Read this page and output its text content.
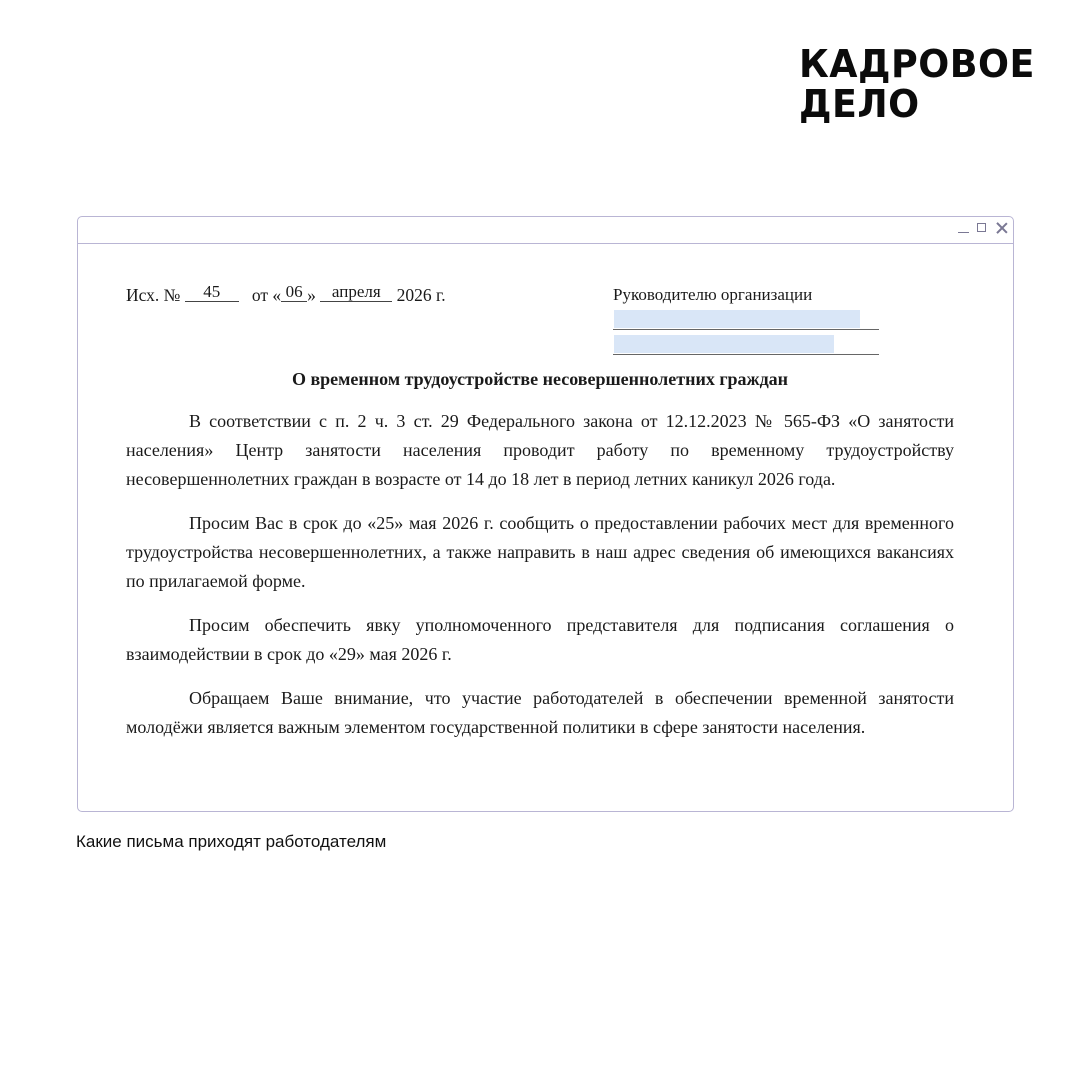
КАДРОВОЕ
ДЕЛО
Исх. № 45 от « 06 » апреля 2026 г.	Руководителю организации
О временном трудоустройстве несовершеннолетних граждан

В соответствии с п. 2 ч. 3 ст. 29 Федерального закона от 12.12.2023 № 565-ФЗ «О занятости населения» Центр занятости населения проводит работу по временному трудоустройству несовершеннолетних граждан в возрасте от 14 до 18 лет в период летних каникул 2026 года.

Просим Вас в срок до «25» мая 2026 г. сообщить о предоставлении рабочих мест для временного трудоустройства несовершеннолетних, а также направить в наш адрес сведения об имеющихся вакансиях по прилагаемой форме.

Просим обеспечить явку уполномоченного представителя для подписания соглашения о взаимодействии в срок до «29» мая 2026 г.

Обращаем Ваше внимание, что участие работодателей в обеспечении временной занятости молодёжи является важным элементом государственной политики в сфере занятости населения.

Какие письма приходят работодателям
